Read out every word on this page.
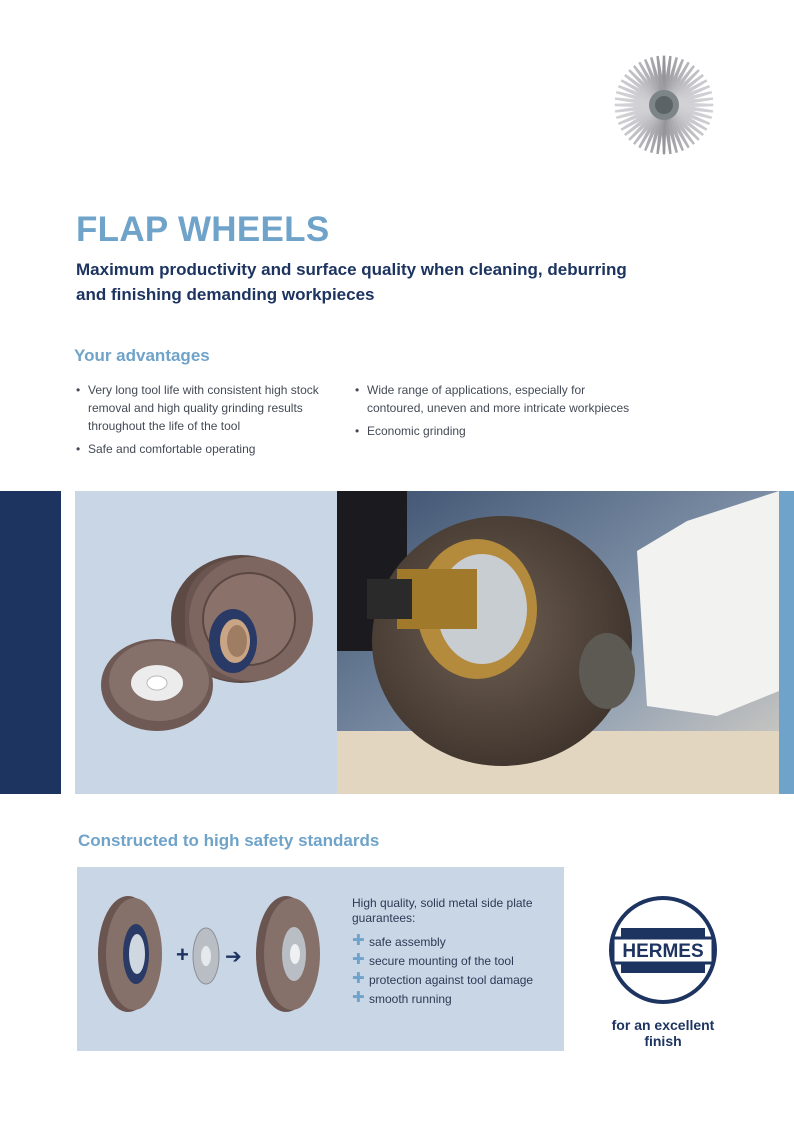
FLAP WHEELS

Maximum productivity and surface quality when cleaning, deburring and finishing demanding workpieces

Your advantages
• Very long tool life with consistent high stock removal and high quality grinding results throughout the life of the tool
• Safe and comfortable operating
• Wide range of applications, especially for contoured, uneven and more intricate workpieces
• Economic grinding
Constructed to high safety standards
+ ➔

High quality, solid metal side plate guarantees:

✚ safe assembly
✚ secure mounting of the tool
✚ protection against tool damage
✚ smooth running
HERMES

for an excellent finish
